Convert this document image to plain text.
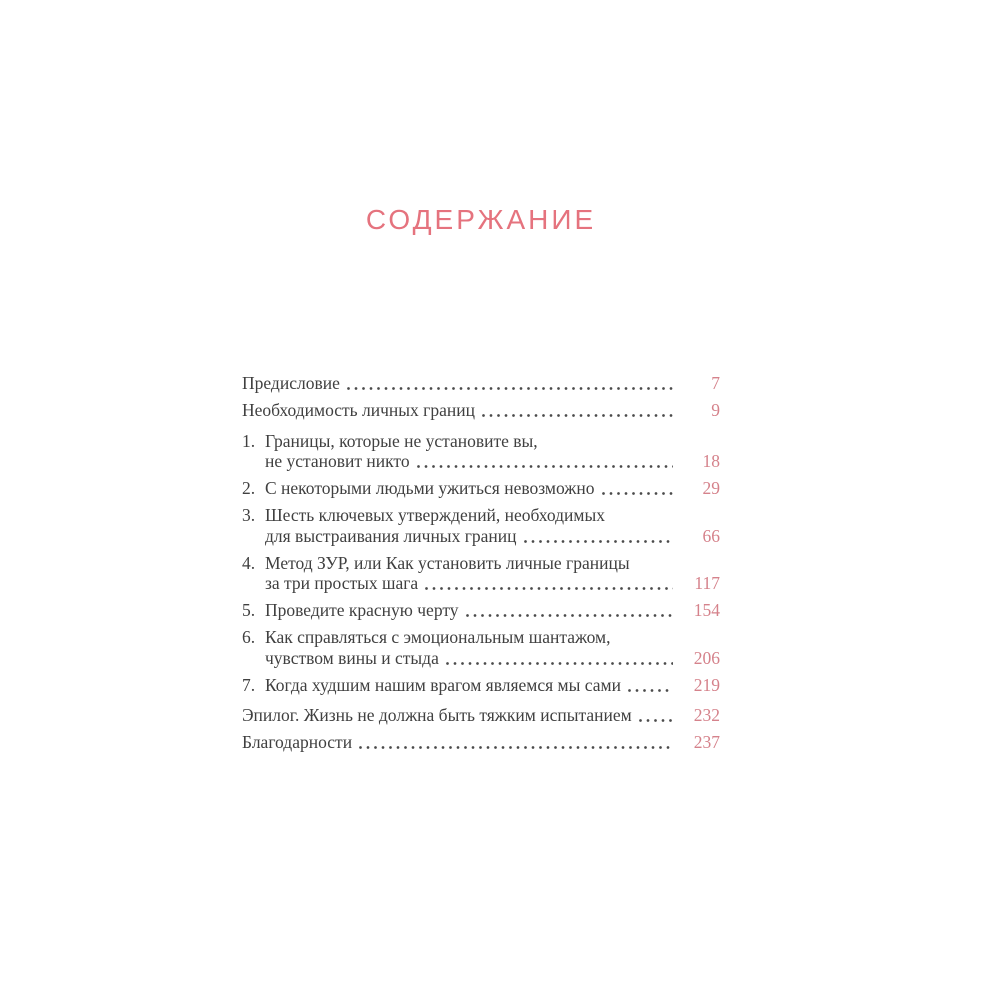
СОДЕРЖАНИЕ
Предисловие	7
Необходимость личных границ	9
1. Границы, которые не установите вы,
не установит никто	18
2. С некоторыми людьми ужиться невозможно	29
3. Шесть ключевых утверждений, необходимых
для выстраивания личных границ	66
4. Метод ЗУР, или Как установить личные границы
за три простых шага	117
5. Проведите красную черту	154
6. Как справляться с эмоциональным шантажом,
чувством вины и стыда	206
7. Когда худшим нашим врагом являемся мы сами	219
Эпилог. Жизнь не должна быть тяжким испытанием	232
Благодарности	237
